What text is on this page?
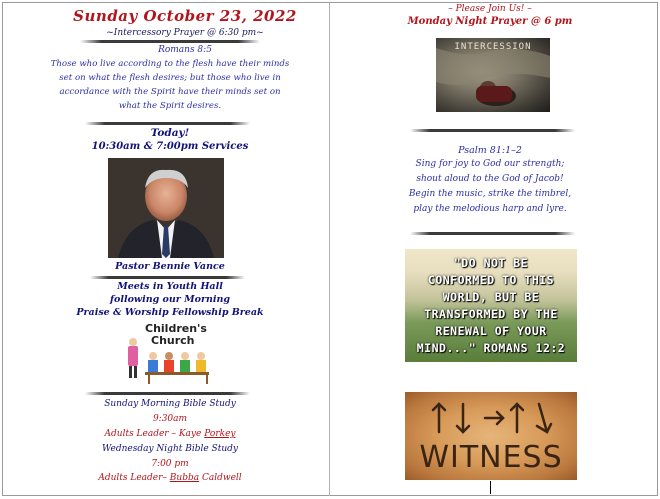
Sunday October 23, 2022
~Intercessory Prayer @ 6:30 pm~
Romans 8:5
Those who live according to the flesh have their minds
set on what the flesh desires; but those who live in
accordance with the Spirit have their minds set on
what the Spirit desires.
Today!
10:30am & 7:00pm Services
Pastor Bennie Vance
Meets in Youth Hall
following our Morning
Praise & Worship Fellowship Break
Children's
Church
Sunday Morning Bible Study
9:30am
Adults Leader – Kaye Porkey
Wednesday Night Bible Study
7:00 pm
Adults Leader– Bubba Caldwell
– Please Join Us! –
Monday Night Prayer @ 6 pm
INTERCESSION
Psalm 81:1–2
Sing for joy to God our strength;
shout aloud to the God of Jacob!
Begin the music, strike the timbrel,
play the melodious harp and lyre.
"DO NOT BE
CONFORMED TO THIS
WORLD, BUT BE
TRANSFORMED BY THE
RENEWAL OF YOUR
MIND..." ROMANS 12:2
WITNESS
